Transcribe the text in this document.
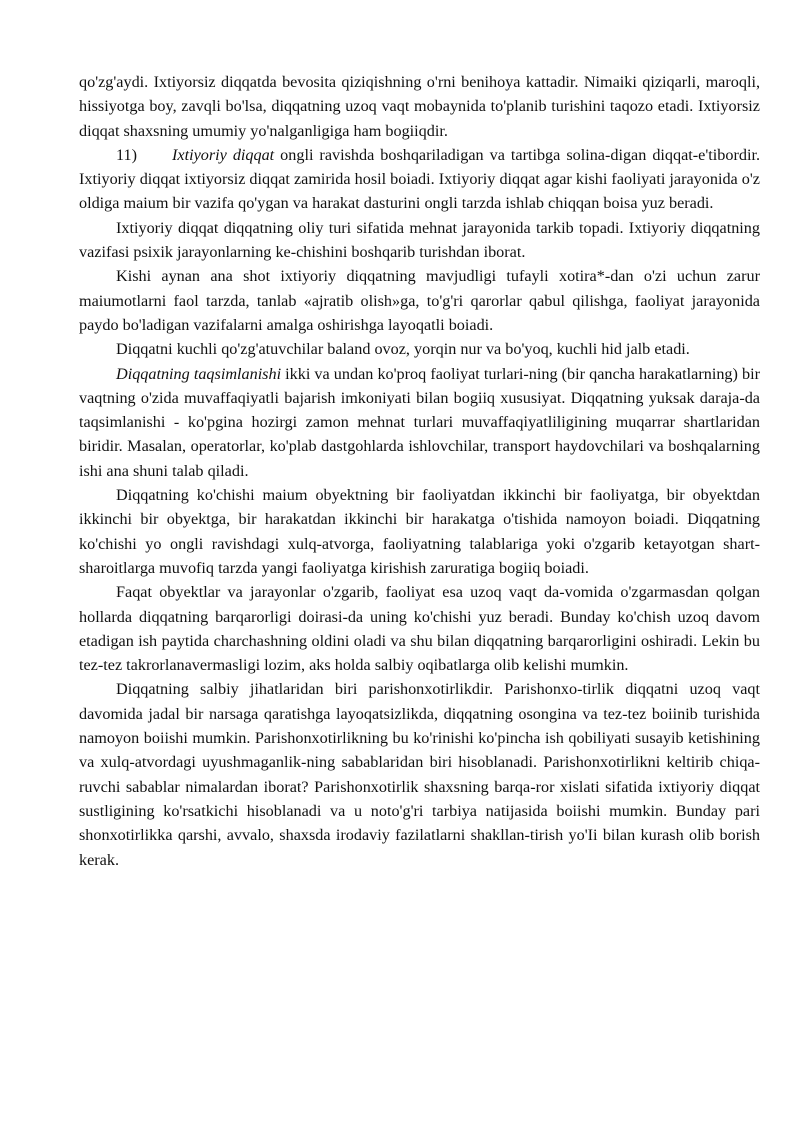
qo'zg'aydi. Ixtiyorsiz diqqatda bevosita qiziqishning o'rni benihoya kattadir. Nimaiki qiziqarli, maroqli, hissiyotga boy, zavqli bo'lsa, diqqatning uzoq vaqt mobaynida to'planib turishini taqozo etadi. Ixtiyorsiz diqqat shaxsning umumiy yo'nalganligiga ham bogiiqdir.

11) Ixtiyoriy diqqat ongli ravishda boshqariladigan va tartibga solina-digan diqqat-e'tibordir. Ixtiyoriy diqqat ixtiyorsiz diqqat zamirida hosil boiadi. Ixtiyoriy diqqat agar kishi faoliyati jarayonida o'z oldiga maium bir vazifa qo'ygan va harakat dasturini ongli tarzda ishlab chiqqan boisa yuz beradi.

Ixtiyoriy diqqat diqqatning oliy turi sifatida mehnat jarayonida tarkib topadi. Ixtiyoriy diqqatning vazifasi psixik jarayonlarning ke-chishini boshqarib turishdan iborat.

Kishi aynan ana shot ixtiyoriy diqqatning mavjudligi tufayli xotira*-dan o'zi uchun zarur maiumotlarni faol tarzda, tanlab «ajratib olish»ga, to'g'ri qarorlar qabul qilishga, faoliyat jarayonida paydo bo'ladigan vazifalarni amalga oshirishga layoqatli boiadi.

Diqqatni kuchli qo'zg'atuvchilar baland ovoz, yorqin nur va bo'yoq, kuchli hid jalb etadi.

Diqqatning taqsimlanishi ikki va undan ko'proq faoliyat turlari-ning (bir qancha harakatlarning) bir vaqtning o'zida muvaffaqiyatli bajarish imkoniyati bilan bogiiq xususiyat. Diqqatning yuksak daraja-da taqsimlanishi - ko'pgina hozirgi zamon mehnat turlari muvaffaqiyatliligining muqarrar shartlaridan biridir. Masalan, operatorlar, ko'plab dastgohlarda ishlovchilar, transport haydovchilari va boshqalarning ishi ana shuni talab qiladi.

Diqqatning ko'chishi maium obyektning bir faoliyatdan ikkinchi bir faoliyatga, bir obyektdan ikkinchi bir obyektga, bir harakatdan ikkinchi bir harakatga o'tishida namoyon boiadi. Diqqatning ko'chishi yo ongli ravishdagi xulq-atvorga, faoliyatning talablariga yoki o'zgarib ketayotgan shart-sharoitlarga muvofiq tarzda yangi faoliyatga kirishish zaruratiga bogiiq boiadi.

Faqat obyektlar va jarayonlar o'zgarib, faoliyat esa uzoq vaqt da-vomida o'zgarmasdan qolgan hollarda diqqatning barqarorligi doirasi-da uning ko'chishi yuz beradi. Bunday ko'chish uzoq davom etadigan ish paytida charchashning oldini oladi va shu bilan diqqatning barqarorligini oshiradi. Lekin bu tez-tez takrorlanavermasligi lozim, aks holda salbiy oqibatlarga olib kelishi mumkin.

Diqqatning salbiy jihatlaridan biri parishonxotirlikdir. Parishonxo-tirlik diqqatni uzoq vaqt davomida jadal bir narsaga qaratishga layoqatsizlikda, diqqatning osongina va tez-tez boiinib turishida namoyon boiishi mumkin. Parishonxotirlikning bu ko'rinishi ko'pincha ish qobiliyati susayib ketishining va xulq-atvordagi uyushmaganlik-ning sabablaridan biri hisoblanadi. Parishonxotirlikni keltirib chiqa-ruvchi sabablar nimalardan iborat? Parishonxotirlik shaxsning barqa-ror xislati sifatida ixtiyoriy diqqat sustligining ko'rsatkichi hisoblanadi va u noto'g'ri tarbiya natijasida boiishi mumkin. Bunday pari shonxotirlikka qarshi, avvalo, shaxsda irodaviy fazilatlarni shakllan-tirish yo'Ii bilan kurash olib borish kerak.
